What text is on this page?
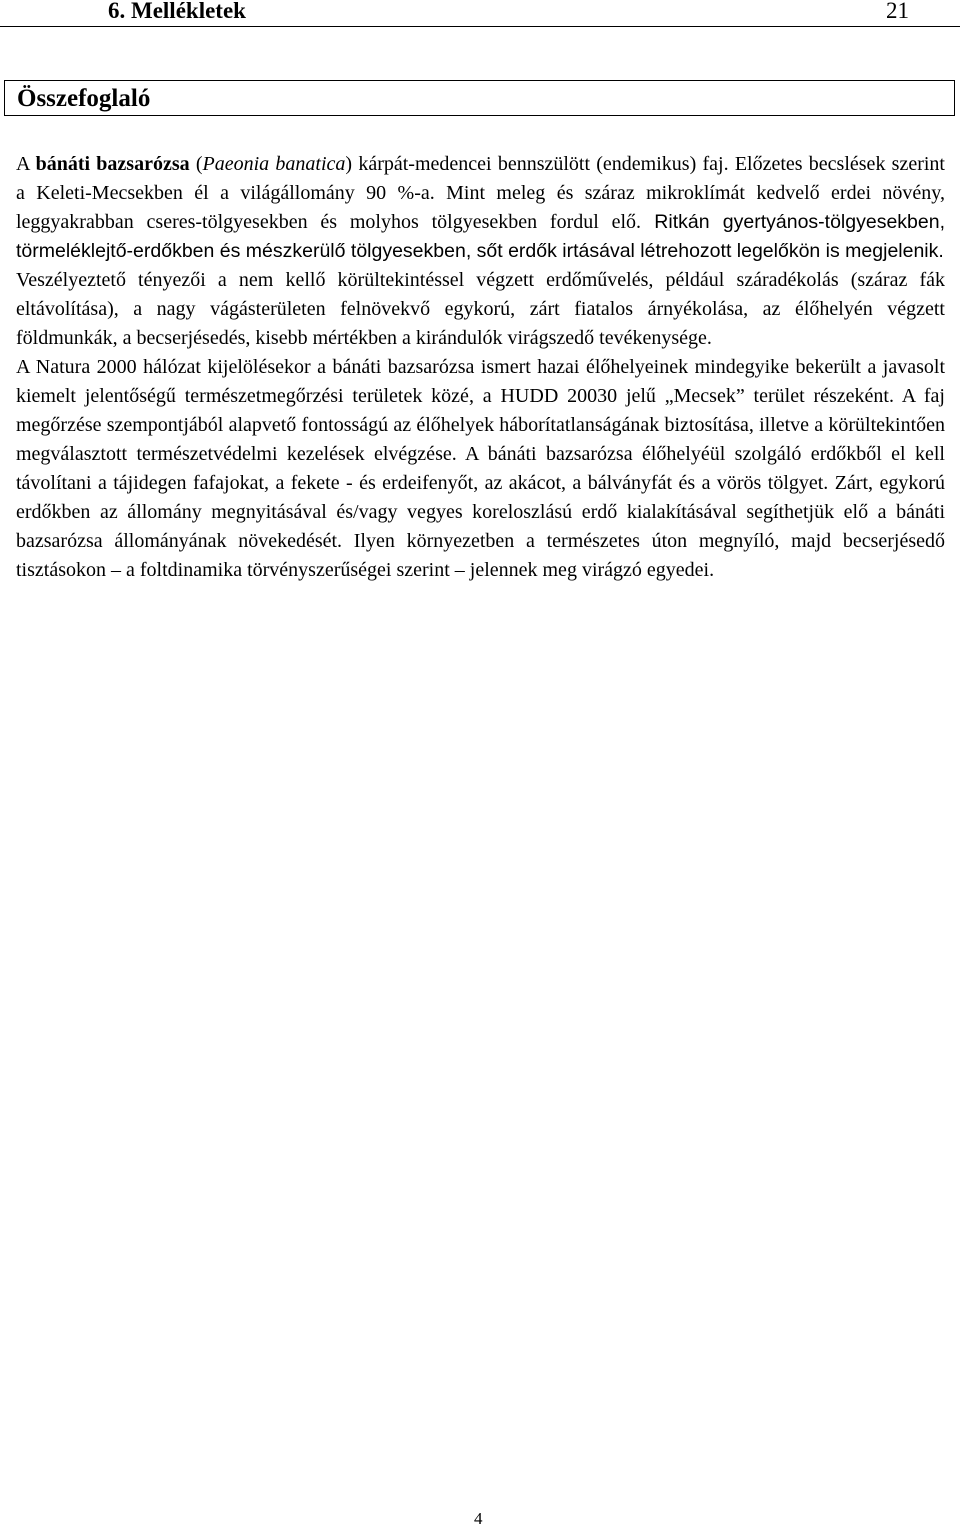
6. Mellékletek	21
Összefoglaló

A bánáti bazsarózsa (Paeonia banatica) kárpát-medencei bennszülött (endemikus) faj. Előzetes becslések szerint a Keleti-Mecsekben él a világállomány 90 %-a. Mint meleg és száraz mikroklímát kedvelő erdei növény, leggyakrabban cseres-tölgyesekben és molyhos tölgyesekben fordul elő. Ritkán gyertyános-tölgyesekben, törmeléklejtő-erdőkben és mészkerülő tölgyesekben, sőt erdők irtásával létrehozott legelőkön is megjelenik.

Veszélyeztető tényezői a nem kellő körültekintéssel végzett erdőművelés, például száradékolás (száraz fák eltávolítása), a nagy vágásterületen felnövekvő egykorú, zárt fiatalos árnyékolása, az élőhelyén végzett földmunkák, a becserjésedés, kisebb mértékben a kirándulók virágszedő tevékenysége.

A Natura 2000 hálózat kijelölésekor a bánáti bazsarózsa ismert hazai élőhelyeinek mindegyike bekerült a javasolt kiemelt jelentőségű természetmegőrzési területek közé, a HUDD 20030 jelű „Mecsek” terület részeként. A faj megőrzése szempontjából alapvető fontosságú az élőhelyek háborítatlanságának biztosítása, illetve a körültekintően megválasztott természetvédelmi kezelések elvégzése. A bánáti bazsarózsa élőhelyéül szolgáló erdőkből el kell távolítani a tájidegen fafajokat, a fekete - és erdeifenyőt, az akácot, a bálványfát és a vörös tölgyet. Zárt, egykorú erdőkben az állomány megnyitásával és/vagy vegyes koreloszlású erdő kialakításával segíthetjük elő a bánáti bazsarózsa állományának növekedését. Ilyen környezetben a természetes úton megnyíló, majd becserjésedő tisztásokon – a foltdinamika törvényszerűségei szerint – jelennek meg virágzó egyedei.

4
